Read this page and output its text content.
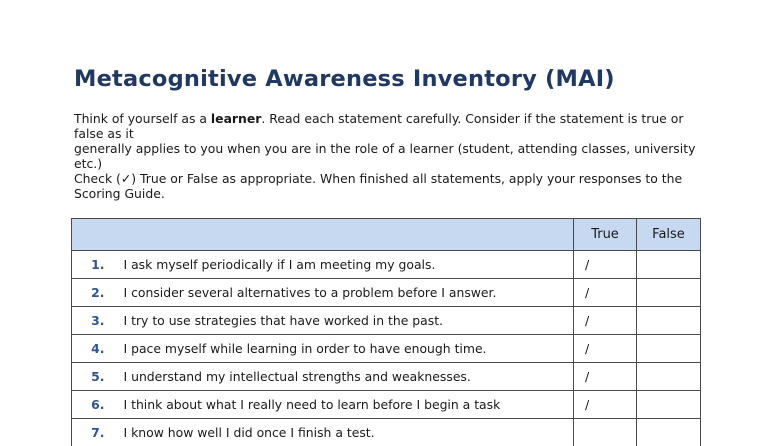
Metacognitive Awareness Inventory (MAI)
Think of yourself as a learner. Read each statement carefully. Consider if the statement is true or
false as it
generally applies to you when you are in the role of a learner (student, attending classes, university
etc.)
Check (✓) True or False as appropriate. When finished all statements, apply your responses to the
Scoring Guide.
		True	False
1.	I ask myself periodically if I am meeting my goals.	/	
2.	I consider several alternatives to a problem before I answer.	/	
3.	I try to use strategies that have worked in the past.	/	
4.	I pace myself while learning in order to have enough time.	/	
5.	I understand my intellectual strengths and weaknesses.	/	
6.	I think about what I really need to learn before I begin a task	/	
7.	I know how well I did once I finish a test.		
